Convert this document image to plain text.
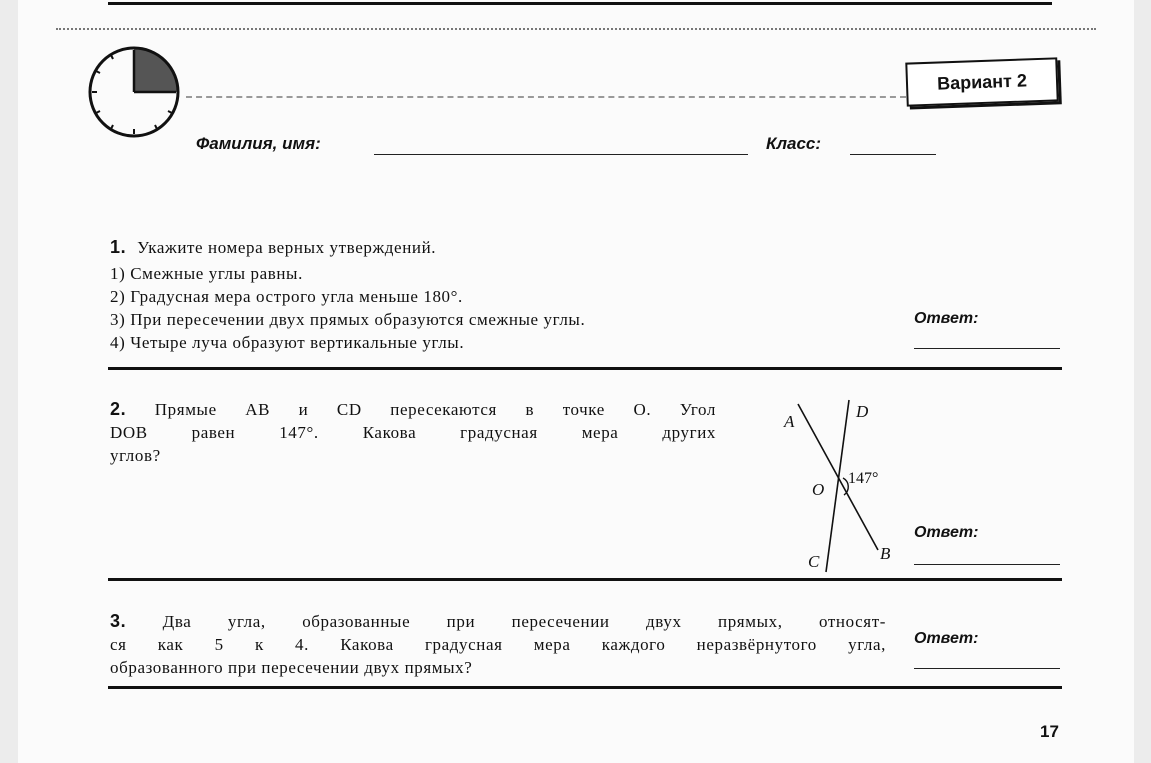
Вариант 2
Фамилия, имя:	Класс:
1. Укажите номера верных утверждений.
1) Смежные углы равны.
2) Градусная мера острого угла меньше 180°.
3) При пересечении двух прямых образуются смежные углы.
4) Четыре луча образуют вертикальные углы.
Ответ:
2. Прямые AB и CD пересекаются в точке O. Угол
DOB равен 147°. Какова градусная мера других
углов?
A
D
O
147°
C	B
Ответ:
3. Два угла, образованные при пересечении двух прямых, относят-
ся как 5 к 4. Какова градусная мера каждого неразвёрнутого угла,
образованного при пересечении двух прямых?
Ответ:
17
